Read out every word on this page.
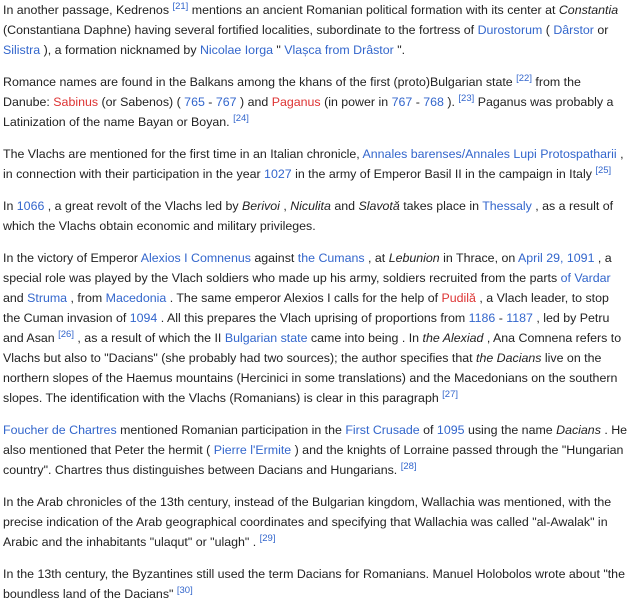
In another passage, Kedrenos [21] mentions an ancient Romanian political formation with its center at Constantia (Constantiana Daphne) having several fortified localities, subordinate to the fortress of Durostorum ( Dârstor or Silistra ), a formation nicknamed by Nicolae Iorga " Vlașca from Drâstor ".

Romance names are found in the Balkans among the khans of the first (proto)Bulgarian state [22] from the Danube: Sabinus (or Sabenos) ( 765 - 767 ) and Paganus (in power in 767 - 768 ). [23] Paganus was probably a Latinization of the name Bayan or Boyan. [24]

The Vlachs are mentioned for the first time in an Italian chronicle, Annales barenses/Annales Lupi Protospatharii , in connection with their participation in the year 1027 in the army of Emperor Basil II in the campaign in Italy [25]

In 1066 , a great revolt of the Vlachs led by Berivoi , Niculita and Slavotă takes place in Thessaly , as a result of which the Vlachs obtain economic and military privileges.

In the victory of Emperor Alexios I Comnenus against the Cumans , at Lebunion in Thrace, on April 29, 1091 , a special role was played by the Vlach soldiers who made up his army, soldiers recruited from the parts of Vardar and Struma , from Macedonia . The same emperor Alexios I calls for the help of Pudilă , a Vlach leader, to stop the Cuman invasion of 1094 . All this prepares the Vlach uprising of proportions from 1186 - 1187 , led by Petru and Asan [26] , as a result of which the II Bulgarian state came into being . In the Alexiad , Ana Comnena refers to Vlachs but also to "Dacians" (she probably had two sources); the author specifies that the Dacians live on the northern slopes of the Haemus mountains (Hercinici in some translations) and the Macedonians on the southern slopes. The identification with the Vlachs (Romanians) is clear in this paragraph [27]

Foucher de Chartres mentioned Romanian participation in the First Crusade of 1095 using the name Dacians . He also mentioned that Peter the hermit ( Pierre l'Ermite ) and the knights of Lorraine passed through the "Hungarian country". Chartres thus distinguishes between Dacians and Hungarians. [28]

In the Arab chronicles of the 13th century, instead of the Bulgarian kingdom, Wallachia was mentioned, with the precise indication of the Arab geographical coordinates and specifying that Wallachia was called "al-Awalak" in Arabic and the inhabitants "ulaqut" or "ulagh" . [29]

In the 13th century, the Byzantines still used the term Dacians for Romanians. Manuel Holobolos wrote about "the boundless land of the Dacians" [30]
